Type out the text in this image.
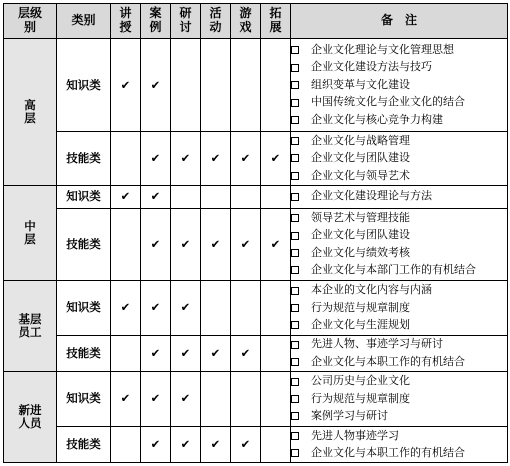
层级别	类别	讲授	案例	研讨	活动	游戏	拓展	备　注
高层	知识类	✔	✔					企业文化理论与文化管理思想
企业文化建设方法与技巧
组织变革与文化建设
中国传统文化与企业文化的结合
企业文化与核心竞争力构建

	技能类		✔	✔	✔	✔	✔	企业文化与战略管理
企业文化与团队建设
企业文化与领导艺术

中层	知识类	✔	✔					企业文化建设理论与方法

	技能类		✔	✔	✔	✔	✔	领导艺术与管理技能
企业文化与团队建设
企业文化与绩效考核
企业文化与本部门工作的有机结合

基层员工	知识类	✔	✔	✔				本企业的文化内容与内涵
行为规范与规章制度
企业文化与生涯规划

	技能类		✔	✔	✔	✔		先进人物、事迹学习与研讨
企业文化与本职工作的有机结合

新进人员	知识类	✔	✔	✔				公司历史与企业文化
行为规范与规章制度
案例学习与研讨

	技能类		✔	✔	✔	✔		先进人物事迹学习
企业文化与本职工作的有机结合
